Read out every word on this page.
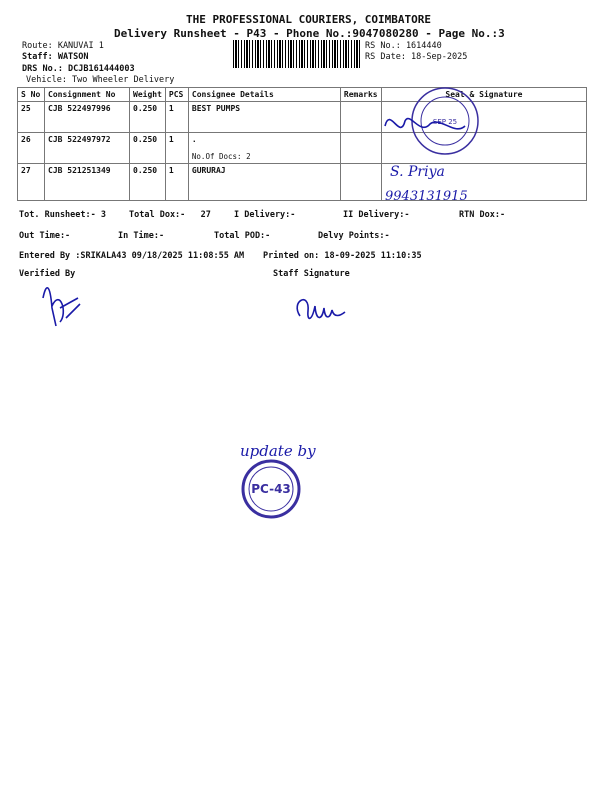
THE PROFESSIONAL COURIERS, COIMBATORE
Delivery Runsheet - P43 - Phone No.:9047080280 - Page No.:3
Route: KANUVAI 1
Staff: WATSON
DRS No.: DCJB161444003
Vehicle: Two Wheeler Delivery
RS No.: 1614440
RS Date: 18-Sep-2025
S No	Consignment No	Weight	PCS	Consignee Details	Remarks	Seal & Signature
25	CJB 522497996	0.250	1	BEST PUMPS		
26	CJB 522497972	0.250	1	.
No.Of Docs: 2		

27	CJB 521251349	0.250	1	GURURAJ		
Tot. Runsheet:- 3	Total Dox:-   27	I Delivery:-	II Delivery:-	RTN Dox:-
Out Time:-	In Time:-	Total POD:-	Delvy Points:-
Entered By :SRIKALA43 09/18/2025 11:08:55 AM Printed on: 18-09-2025 11:10:35
Verified By	Staff Signature
SEP 25
S. Priya
9943131915
update by
PC-43
